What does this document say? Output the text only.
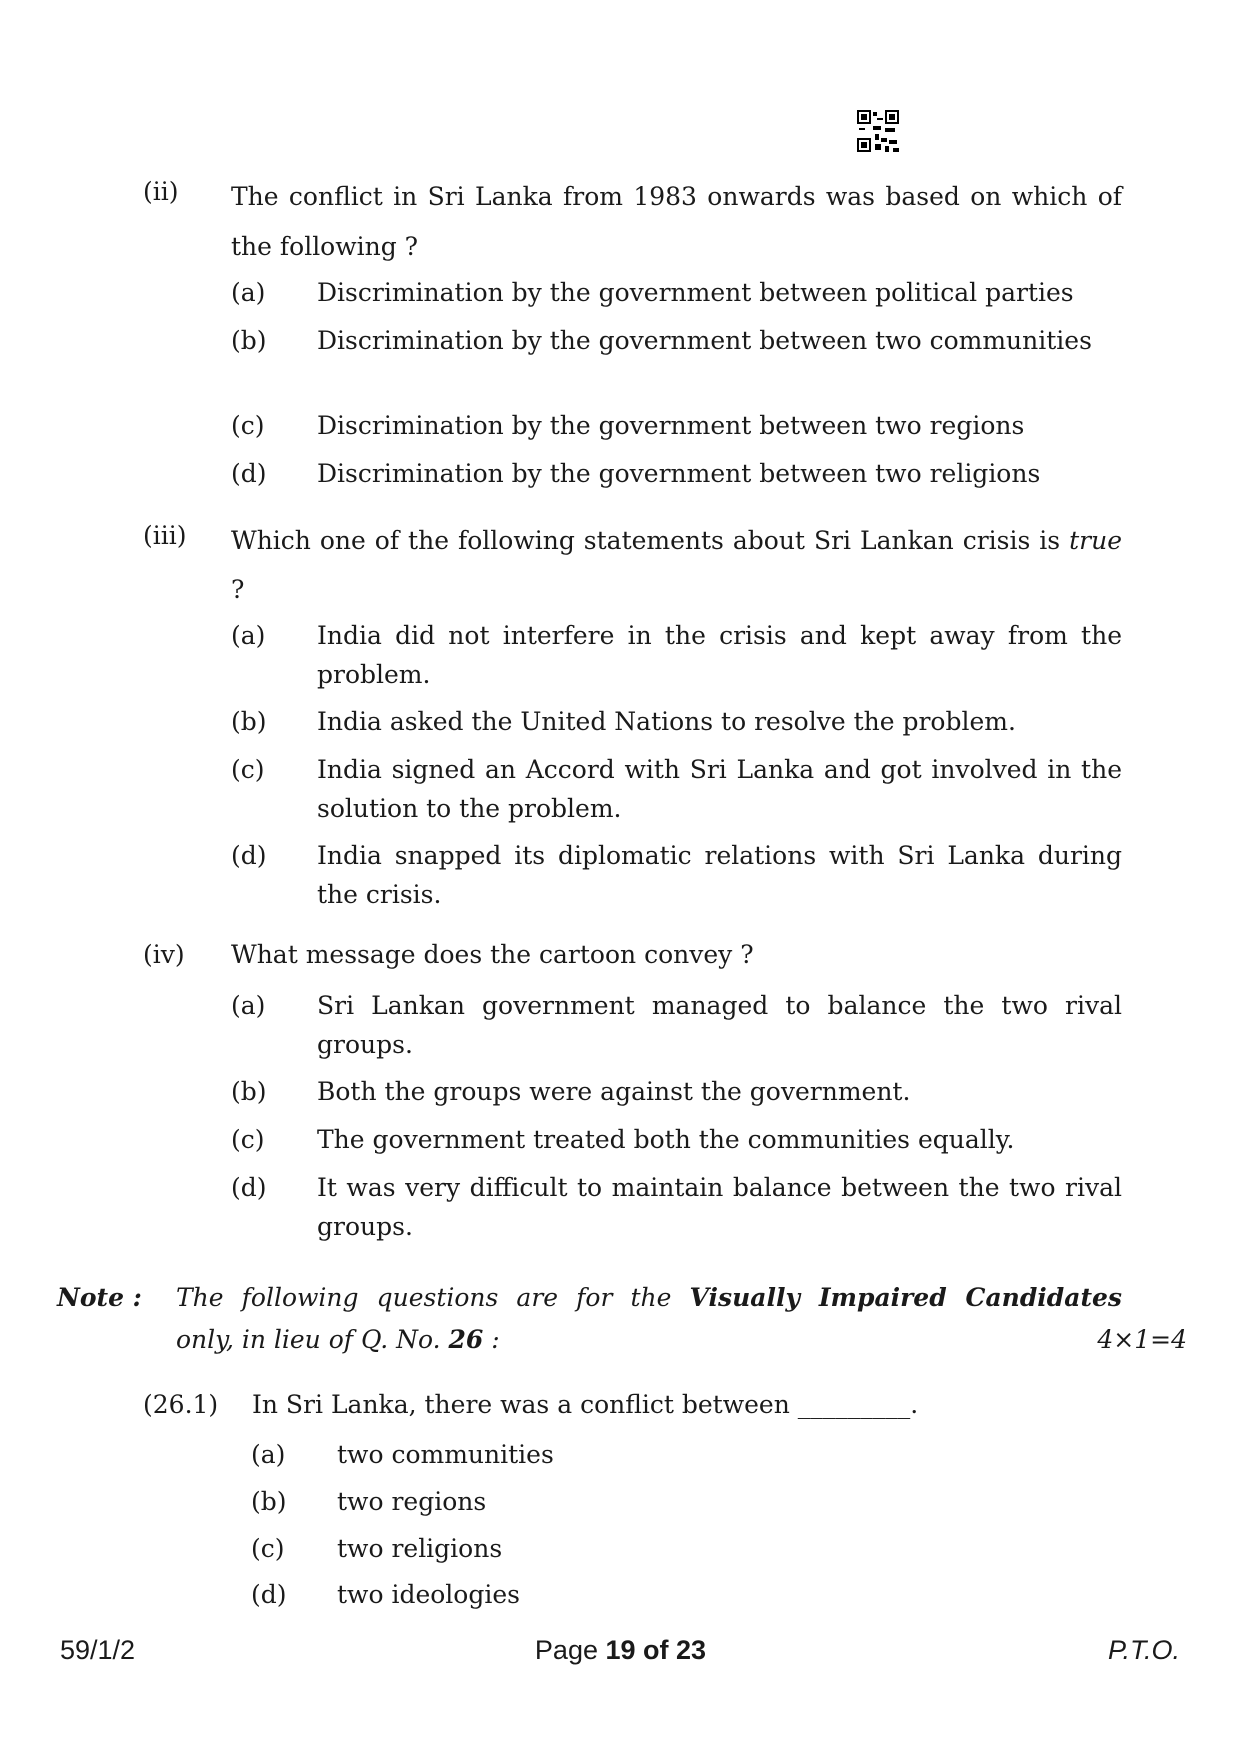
(ii) The conflict in Sri Lanka from 1983 onwards was based on which of the following ?
(a) Discrimination by the government between political parties
(b) Discrimination by the government between two communities
(c) Discrimination by the government between two regions
(d) Discrimination by the government between two religions
(iii) Which one of the following statements about Sri Lankan crisis is true ?
(a) India did not interfere in the crisis and kept away from the problem.
(b) India asked the United Nations to resolve the problem.
(c) India signed an Accord with Sri Lanka and got involved in the solution to the problem.
(d) India snapped its diplomatic relations with Sri Lanka during the crisis.
(iv) What message does the cartoon convey ?
(a) Sri Lankan government managed to balance the two rival groups.
(b) Both the groups were against the government.
(c) The government treated both the communities equally.
(d) It was very difficult to maintain balance between the two rival groups.
Note : The following questions are for the Visually Impaired Candidates
only, in lieu of Q. No. 26 :	4×1=4
(26.1) In Sri Lanka, there was a conflict between _________.
(a) two communities
(b) two regions
(c) two religions
(d) two ideologies
59/1/2	Page 19 of 23	P.T.O.
